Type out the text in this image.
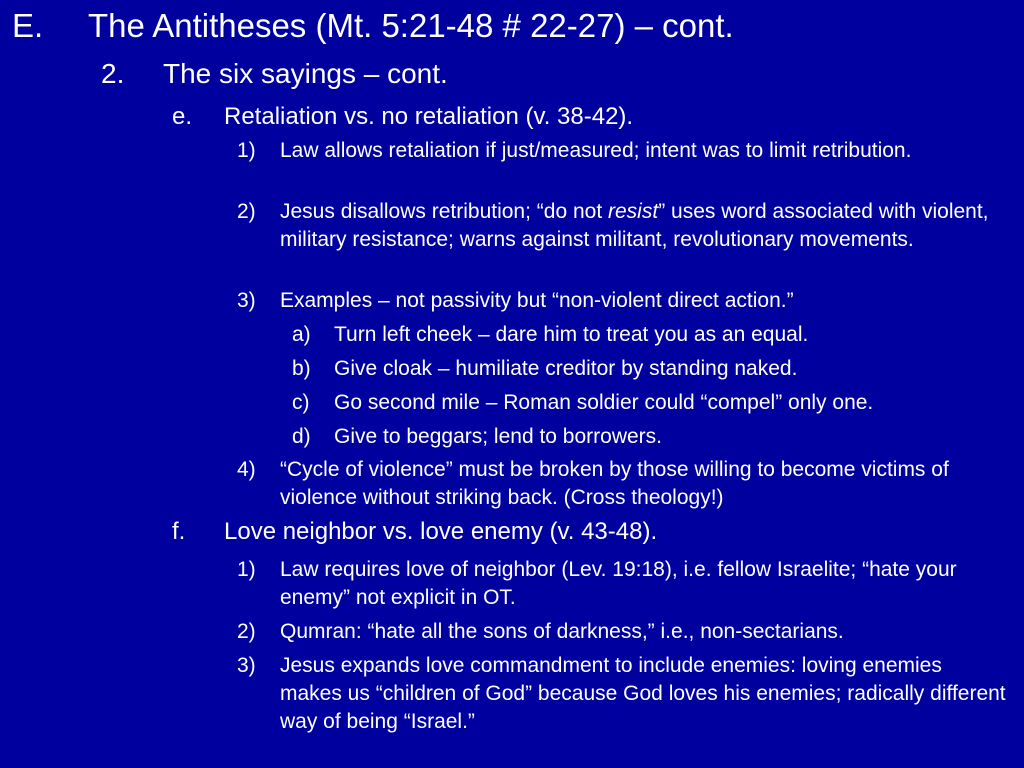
E.	The Antitheses (Mt. 5:21-48 # 22-27) – cont.
2.	The six sayings – cont.
e.	Retaliation vs. no retaliation (v. 38-42).
1)	Law allows retaliation if just/measured; intent was to limit retribution.
2)	Jesus disallows retribution; “do not resist” uses word associated with violent, military resistance; warns against militant, revolutionary movements.
3)	Examples – not passivity but “non-violent direct action.”
a)	Turn left cheek – dare him to treat you as an equal.
b)	Give cloak – humiliate creditor by standing naked.
c)	Go second mile – Roman soldier could “compel” only one.
d)	Give to beggars; lend to borrowers.
4)	“Cycle of violence” must be broken by those willing to become victims of violence without striking back. (Cross theology!)
f.	Love neighbor vs. love enemy (v. 43-48).
1)	Law requires love of neighbor (Lev. 19:18), i.e. fellow Israelite; “hate your enemy” not explicit in OT.
2)	Qumran: “hate all the sons of darkness,” i.e., non-sectarians.
3)	Jesus expands love commandment to include enemies: loving enemies makes us “children of God” because God loves his enemies; radically different way of being “Israel.”
